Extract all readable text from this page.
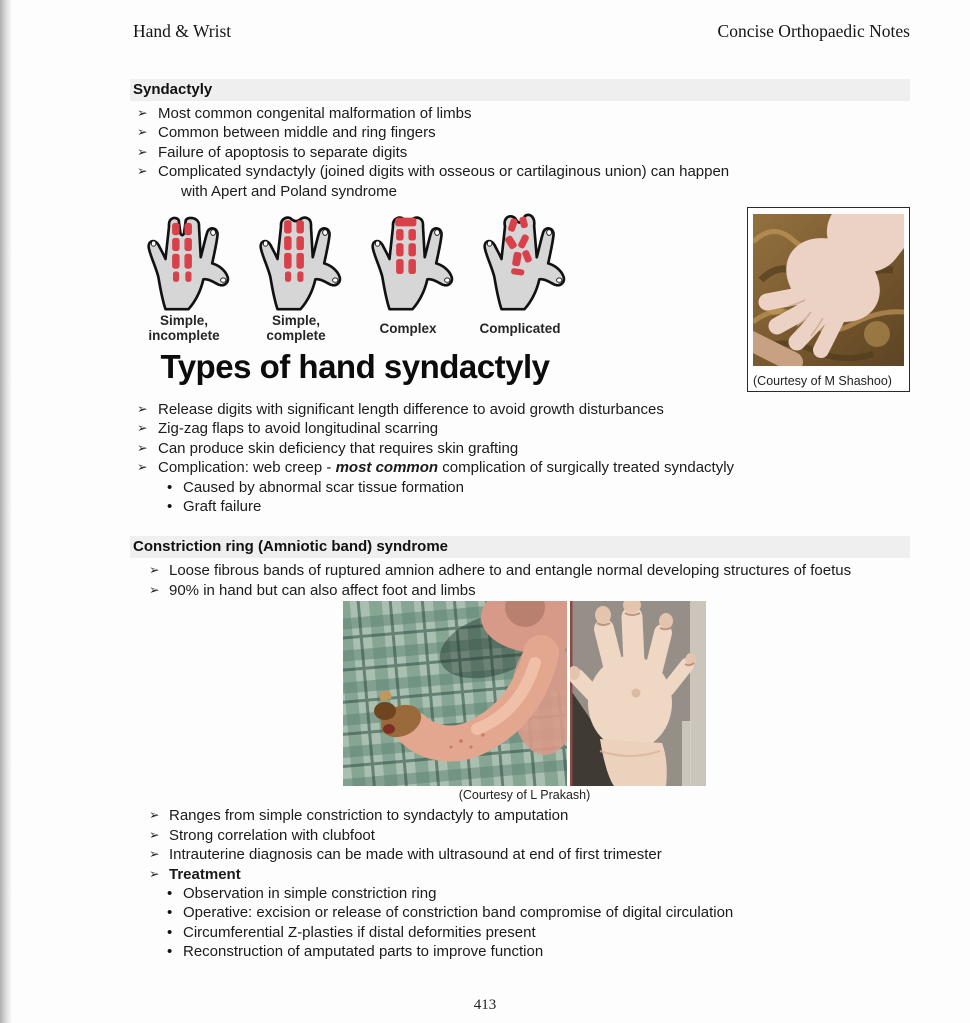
Hand & Wrist	Concise Orthopaedic Notes
Syndactyly
➢ Most common congenital malformation of limbs
➢ Common between middle and ring fingers
➢ Failure of apoptosis to separate digits
➢ Complicated syndactyly (joined digits with osseous or cartilaginous union) can happen
with Apert and Poland syndrome
Simple,
incomplete
Simple,
complete	Complex	Complicated
Types of hand syndactyly	(Courtesy of M Shashoo)
➢ Release digits with significant length difference to avoid growth disturbances
➢ Zig-zag flaps to avoid longitudinal scarring
➢ Can produce skin deficiency that requires skin grafting
➢ Complication: web creep - most common complication of surgically treated syndactyly
• Caused by abnormal scar tissue formation
• Graft failure
Constriction ring (Amniotic band) syndrome
➢ Loose fibrous bands of ruptured amnion adhere to and entangle normal developing structures of foetus
➢ 90% in hand but can also affect foot and limbs
(Courtesy of L Prakash)
➢ Ranges from simple constriction to syndactyly to amputation
➢ Strong correlation with clubfoot
➢ Intrauterine diagnosis can be made with ultrasound at end of first trimester
➢ Treatment
• Observation in simple constriction ring
• Operative: excision or release of constriction band compromise of digital circulation
• Circumferential Z-plasties if distal deformities present
• Reconstruction of amputated parts to improve function
413
